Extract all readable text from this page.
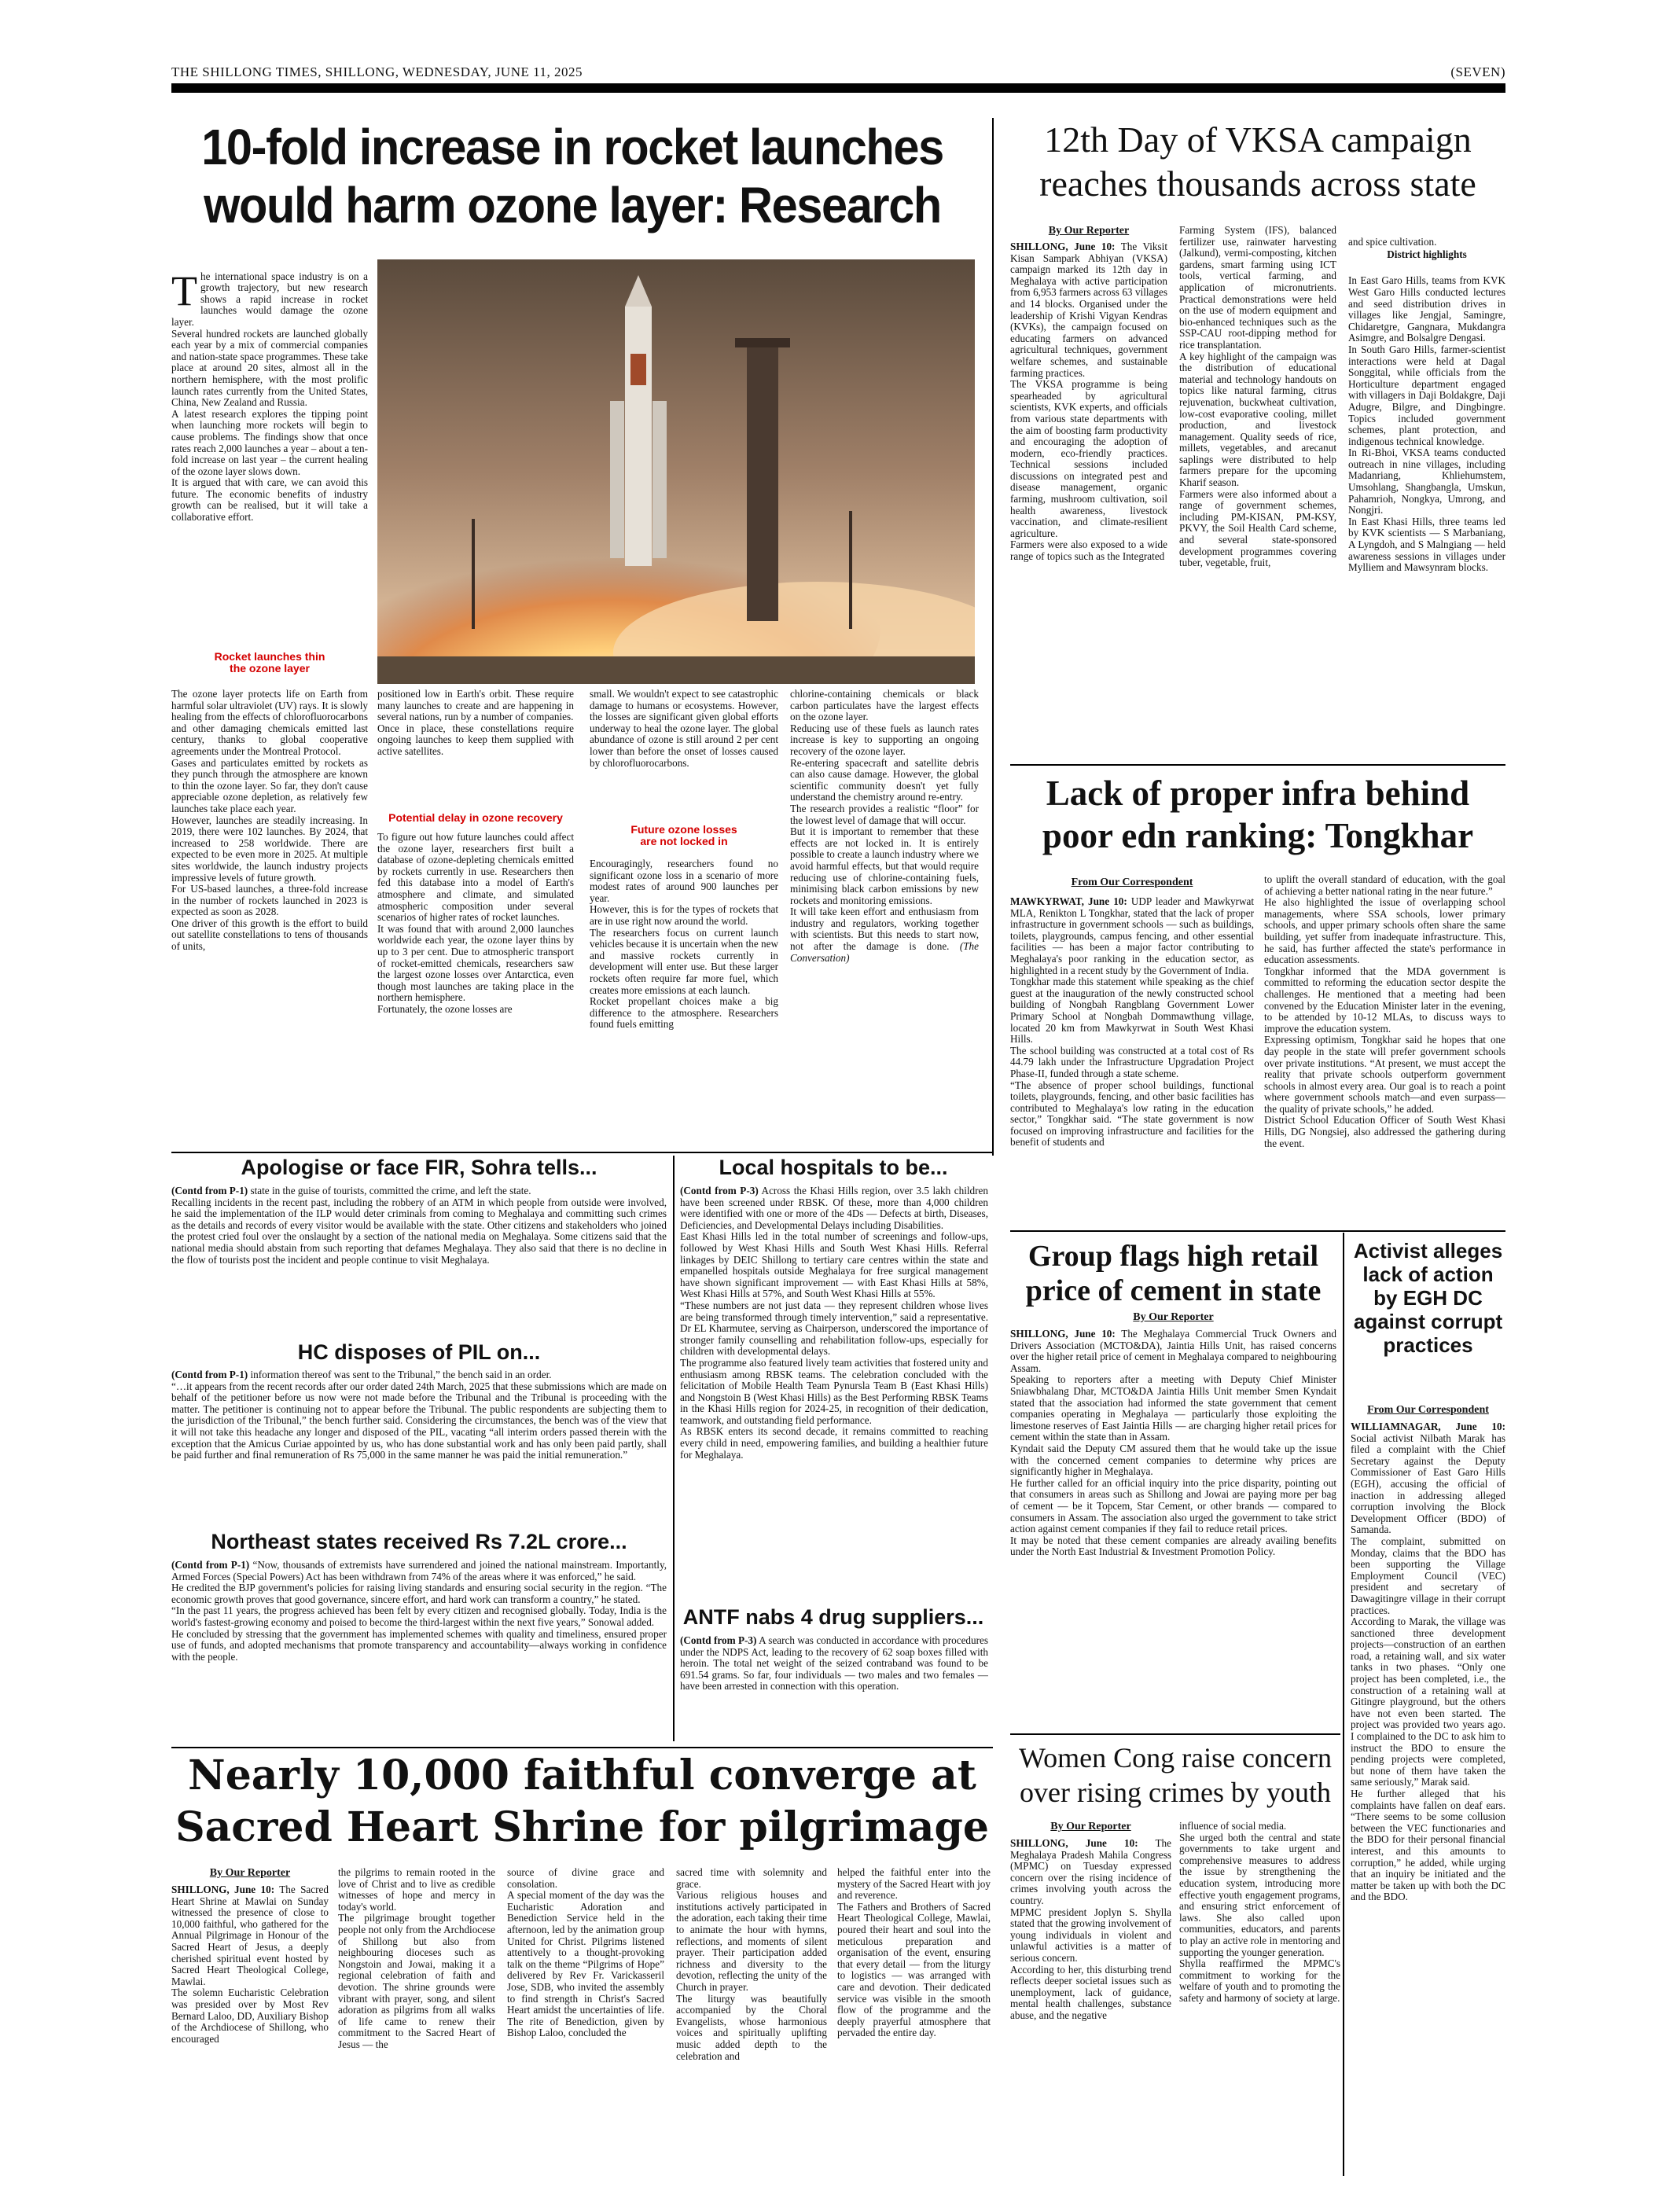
THE SHILLONG TIMES, SHILLONG, WEDNESDAY, JUNE 11, 2025	(SEVEN)
10-fold increase in rocket launches
would harm ozone layer: Research

The international space industry is on a growth trajectory, but new research shows a rapid increase in rocket launches would damage the ozone layer.
Several hundred rockets are launched globally each year by a mix of commercial companies and nation-state space programmes. These take place at around 20 sites, almost all in the northern hemisphere, with the most prolific launch rates currently from the United States, China, New Zealand and Russia.
A latest research explores the tipping point when launching more rockets will begin to cause problems. The findings show that once rates reach 2,000 launches a year – about a ten-fold increase on last year – the current healing of the ozone layer slows down.
It is argued that with care, we can avoid this future. The economic benefits of industry growth can be realised, but it will take a collaborative effort.

Rocket launches thin
the ozone layer
The ozone layer protects life on Earth from harmful solar ultraviolet (UV) rays. It is slowly healing from the effects of chlorofluorocarbons and other damaging chemicals emitted last century, thanks to global cooperative agreements under the Montreal Protocol.
Gases and particulates emitted by rockets as they punch through the atmosphere are known to thin the ozone layer. So far, they don't cause appreciable ozone depletion, as relatively few launches take place each year.
However, launches are steadily increasing. In 2019, there were 102 launches. By 2024, that increased to 258 worldwide. There are expected to be even more in 2025. At multiple sites worldwide, the launch industry projects impressive levels of future growth.
For US-based launches, a three-fold increase in the number of rockets launched in 2023 is expected as soon as 2028.
One driver of this growth is the effort to build out satellite constellations to tens of thousands of units,
positioned low in Earth's orbit. These require many launches to create and are happening in several nations, run by a number of companies.
Once in place, these constellations require ongoing launches to keep them supplied with active satellites.
Potential delay in ozone recovery
To figure out how future launches could affect the ozone layer, researchers first built a database of ozone-depleting chemicals emitted by rockets currently in use. Researchers then fed this database into a model of Earth's atmosphere and climate, and simulated atmospheric composition under several scenarios of higher rates of rocket launches.
It was found that with around 2,000 launches worldwide each year, the ozone layer thins by up to 3 per cent. Due to atmospheric transport of rocket-emitted chemicals, researchers saw the largest ozone losses over Antarctica, even though most launches are taking place in the northern hemisphere.
Fortunately, the ozone losses are
small. We wouldn't expect to see catastrophic damage to humans or ecosystems. However, the losses are significant given global efforts underway to heal the ozone layer. The global abundance of ozone is still around 2 per cent lower than before the onset of losses caused by chlorofluorocarbons.
Future ozone losses
are not locked in
Encouragingly, researchers found no significant ozone loss in a scenario of more modest rates of around 900 launches per year.
However, this is for the types of rockets that are in use right now around the world.
The researchers focus on current launch vehicles because it is uncertain when the new and massive rockets currently in development will enter use. But these larger rockets often require far more fuel, which creates more emissions at each launch.
Rocket propellant choices make a big difference to the atmosphere. Researchers found fuels emitting
chlorine-containing chemicals or black carbon particulates have the largest effects on the ozone layer.
Reducing use of these fuels as launch rates increase is key to supporting an ongoing recovery of the ozone layer.
Re-entering spacecraft and satellite debris can also cause damage. However, the global scientific community doesn't yet fully understand the chemistry around re-entry.
The research provides a realistic “floor” for the lowest level of damage that will occur.
But it is important to remember that these effects are not locked in. It is entirely possible to create a launch industry where we avoid harmful effects, but that would require reducing use of chlorine-containing fuels, minimising black carbon emissions by new rockets and monitoring emissions.
It will take keen effort and enthusiasm from industry and regulators, working together with scientists. But this needs to start now, not after the damage is done. (The Conversation)
12th Day of VKSA campaign reaches thousands across state
By Our Reporter
SHILLONG, June 10: The Viksit Kisan Sampark Abhiyan (VKSA) campaign marked its 12th day in Meghalaya with active participation from 6,953 farmers across 63 villages and 14 blocks. Organised under the leadership of Krishi Vigyan Kendras (KVKs), the campaign focused on educating farmers on advanced agricultural techniques, government welfare schemes, and sustainable farming practices.
The VKSA programme is being spearheaded by agricultural scientists, KVK experts, and officials from various state departments with the aim of boosting farm productivity and encouraging the adoption of modern, eco-friendly practices. Technical sessions included discussions on integrated pest and disease management, organic farming, mushroom cultivation, soil health awareness, livestock vaccination, and climate-resilient agriculture.
Farmers were also exposed to a wide range of topics such as the Integrated
Farming System (IFS), balanced fertilizer use, rainwater harvesting (Jalkund), vermi-composting, kitchen gardens, smart farming using ICT tools, vertical farming, and application of micronutrients. Practical demonstrations were held on the use of modern equipment and bio-enhanced techniques such as the SSP-CAU root-dipping method for rice transplantation.
A key highlight of the campaign was the distribution of educational material and technology handouts on topics like natural farming, citrus rejuvenation, buckwheat cultivation, low-cost evaporative cooling, millet production, and livestock management. Quality seeds of rice, millets, vegetables, and arecanut saplings were distributed to help farmers prepare for the upcoming Kharif season.
Farmers were also informed about a range of government schemes, including PM-KISAN, PM-KSY, PKVY, the Soil Health Card scheme, and several state-sponsored development programmes covering tuber, vegetable, fruit,

and spice cultivation.

District highlights

In East Garo Hills, teams from KVK West Garo Hills conducted lectures and seed distribution drives in villages like Jengjal, Samingre, Chidaretgre, Gangnara, Mukdangra Asimgre, and Bolsalgre Dengasi.
In South Garo Hills, farmer-scientist interactions were held at Dagal Songgital, while officials from the Horticulture department engaged with villagers in Daji Boldakgre, Daji Adugre, Bilgre, and Dingbingre. Topics included government schemes, plant protection, and indigenous technical knowledge.
In Ri-Bhoi, VKSA teams conducted outreach in nine villages, including Madanriang, Khliehumstem, Umsohlang, Shangbangla, Umskun, Pahamrioh, Nongkya, Umrong, and Nongjri.
In East Khasi Hills, three teams led by KVK scientists — S Marbaniang, A Lyngdoh, and S Malngiang — held awareness sessions in villages under Mylliem and Mawsynram blocks.

Lack of proper infra behind poor edn ranking: Tongkhar
From Our Correspondent
MAWKYRWAT, June 10: UDP leader and Mawkyrwat MLA, Renikton L Tongkhar, stated that the lack of proper infrastructure in government schools — such as buildings, toilets, playgrounds, campus fencing, and other essential facilities — has been a major factor contributing to Meghalaya's poor ranking in the education sector, as highlighted in a recent study by the Government of India.
Tongkhar made this statement while speaking as the chief guest at the inauguration of the newly constructed school building of Nongbah Rangblang Government Lower Primary School at Nongbah Dommawthung village, located 20 km from Mawkyrwat in South West Khasi Hills.
The school building was constructed at a total cost of Rs 44.79 lakh under the Infrastructure Upgradation Project Phase-II, funded through a state scheme.
“The absence of proper school buildings, functional toilets, playgrounds, fencing, and other basic facilities has contributed to Meghalaya's low rating in the education sector,” Tongkhar said. “The state government is now focused on improving infrastructure and facilities for the benefit of students and
to uplift the overall standard of education, with the goal of achieving a better national rating in the near future.”
He also highlighted the issue of overlapping school managements, where SSA schools, lower primary schools, and upper primary schools often share the same building, yet suffer from inadequate infrastructure. This, he said, has further affected the state's performance in education assessments.
Tongkhar informed that the MDA government is committed to reforming the education sector despite the challenges. He mentioned that a meeting had been convened by the Education Minister later in the evening, to be attended by 10-12 MLAs, to discuss ways to improve the education system.
Expressing optimism, Tongkhar said he hopes that one day people in the state will prefer government schools over private institutions. “At present, we must accept the reality that private schools outperform government schools in almost every area. Our goal is to reach a point where government schools match—and even surpass—the quality of private schools,” he added.
District School Education Officer of South West Khasi Hills, DG Nongsiej, also addressed the gathering during the event.
Apologise or face FIR, Sohra tells...
(Contd from P-1) state in the guise of tourists, committed the crime, and left the state.
Recalling incidents in the recent past, including the robbery of an ATM in which people from outside were involved, he said the implementation of the ILP would deter criminals from coming to Meghalaya and committing such crimes as the details and records of every visitor would be available with the state. Other citizens and stakeholders who joined the protest cried foul over the onslaught by a section of the national media on Meghalaya. Some citizens said that the national media should abstain from such reporting that defames Meghalaya. They also said that there is no decline in the flow of tourists post the incident and people continue to visit Meghalaya.
HC disposes of PIL on...
(Contd from P-1) information thereof was sent to the Tribunal,” the bench said in an order.
“…it appears from the recent records after our order dated 24th March, 2025 that these submissions which are made on behalf of the petitioner before us now were not made before the Tribunal and the Tribunal is proceeding with the matter. The petitioner is continuing not to appear before the Tribunal. The public respondents are subjecting them to the jurisdiction of the Tribunal,” the bench further said. Considering the circumstances, the bench was of the view that it will not take this headache any longer and disposed of the PIL, vacating “all interim orders passed therein with the exception that the Amicus Curiae appointed by us, who has done substantial work and has only been paid partly, shall be paid further and final remuneration of Rs 75,000 in the same manner he was paid the initial remuneration.”
Northeast states received Rs 7.2L crore...
(Contd from P-1) “Now, thousands of extremists have surrendered and joined the national mainstream. Importantly, Armed Forces (Special Powers) Act has been withdrawn from 74% of the areas where it was enforced,” he said.
He credited the BJP government's policies for raising living standards and ensuring social security in the region. “The economic growth proves that good governance, sincere effort, and hard work can transform a country,” he stated.
“In the past 11 years, the progress achieved has been felt by every citizen and recognised globally. Today, India is the world's fastest-growing economy and poised to become the third-largest within the next five years,” Sonowal added.
He concluded by stressing that the government has implemented schemes with quality and timeliness, ensured proper use of funds, and adopted mechanisms that promote transparency and accountability—always working in confidence with the people.
Local hospitals to be...
(Contd from P-3) Across the Khasi Hills region, over 3.5 lakh children have been screened under RBSK. Of these, more than 4,000 children were identified with one or more of the 4Ds — Defects at birth, Diseases, Deficiencies, and Developmental Delays including Disabilities.
East Khasi Hills led in the total number of screenings and follow-ups, followed by West Khasi Hills and South West Khasi Hills. Referral linkages by DEIC Shillong to tertiary care centres within the state and empanelled hospitals outside Meghalaya for free surgical management have shown significant improvement — with East Khasi Hills at 58%, West Khasi Hills at 57%, and South West Khasi Hills at 55%.
“These numbers are not just data — they represent children whose lives are being transformed through timely intervention,” said a representative. Dr EL Kharmutee, serving as Chairperson, underscored the importance of stronger family counselling and rehabilitation follow-ups, especially for children with developmental delays.
The programme also featured lively team activities that fostered unity and enthusiasm among RBSK teams. The celebration concluded with the felicitation of Mobile Health Team Pynursla Team B (East Khasi Hills) and Nongstoin B (West Khasi Hills) as the Best Performing RBSK Teams in the Khasi Hills region for 2024-25, in recognition of their dedication, teamwork, and outstanding field performance.
As RBSK enters its second decade, it remains committed to reaching every child in need, empowering families, and building a healthier future for Meghalaya.
ANTF nabs 4 drug suppliers...
(Contd from P-3) A search was conducted in accordance with procedures under the NDPS Act, leading to the recovery of 62 soap boxes filled with heroin. The total net weight of the seized contraband was found to be 691.54 grams. So far, four individuals — two males and two females — have been arrested in connection with this operation.
Group flags high retail price of cement in state
By Our Reporter
SHILLONG, June 10: The Meghalaya Commercial Truck Owners and Drivers Association (MCTO&DA), Jaintia Hills Unit, has raised concerns over the higher retail price of cement in Meghalaya compared to neighbouring Assam.
Speaking to reporters after a meeting with Deputy Chief Minister Sniawbhalang Dhar, MCTO&DA Jaintia Hills Unit member Smen Kyndait stated that the association had informed the state government that cement companies operating in Meghalaya — particularly those exploiting the limestone reserves of East Jaintia Hills — are charging higher retail prices for cement within the state than in Assam.
Kyndait said the Deputy CM assured them that he would take up the issue with the concerned cement companies to determine why prices are significantly higher in Meghalaya.
He further called for an official inquiry into the price disparity, pointing out that consumers in areas such as Shillong and Jowai are paying more per bag of cement — be it Topcem, Star Cement, or other brands — compared to consumers in Assam. The association also urged the government to take strict action against cement companies if they fail to reduce retail prices.
It may be noted that these cement companies are already availing benefits under the North East Industrial & Investment Promotion Policy.
Activist alleges lack of action by EGH DC against corrupt practices
From Our Correspondent
WILLIAMNAGAR, June 10: Social activist Nilbath Marak has filed a complaint with the Chief Secretary against the Deputy Commissioner of East Garo Hills (EGH), accusing the official of inaction in addressing alleged corruption involving the Block Development Officer (BDO) of Samanda.
The complaint, submitted on Monday, claims that the BDO has been supporting the Village Employment Council (VEC) president and secretary of Dawagitingre village in their corrupt practices.
According to Marak, the village was sanctioned three development projects—construction of an earthen road, a retaining wall, and six water tanks in two phases. “Only one project has been completed, i.e., the construction of a retaining wall at Gitingre playground, but the others have not even been started. The project was provided two years ago. I complained to the DC to ask him to instruct the BDO to ensure the pending projects were completed, but none of them have taken the same seriously,” Marak said.
He further alleged that his complaints have fallen on deaf ears. “There seems to be some collusion between the VEC functionaries and the BDO for their personal financial interest, and this amounts to corruption,” he added, while urging that an inquiry be initiated and the matter be taken up with both the DC and the BDO.
Nearly 10,000 faithful converge at
Sacred Heart Shrine for pilgrimage
By Our Reporter
SHILLONG, June 10: The Sacred Heart Shrine at Mawlai on Sunday witnessed the presence of close to 10,000 faithful, who gathered for the Annual Pilgrimage in Honour of the Sacred Heart of Jesus, a deeply cherished spiritual event hosted by Sacred Heart Theological College, Mawlai.
The solemn Eucharistic Celebration was presided over by Most Rev Bernard Laloo, DD, Auxiliary Bishop of the Archdiocese of Shillong, who encouraged
the pilgrims to remain rooted in the love of Christ and to live as credible witnesses of hope and mercy in today's world.
The pilgrimage brought together people not only from the Archdiocese of Shillong but also from neighbouring dioceses such as Nongstoin and Jowai, making it a regional celebration of faith and devotion. The shrine grounds were vibrant with prayer, song, and silent adoration as pilgrims from all walks of life came to renew their commitment to the Sacred Heart of Jesus — the
source of divine grace and consolation.
A special moment of the day was the Eucharistic Adoration and Benediction Service held in the afternoon, led by the animation group United for Christ. Pilgrims listened attentively to a thought-provoking talk on the theme “Pilgrims of Hope” delivered by Rev Fr. Varickasseril Jose, SDB, who invited the assembly to find strength in Christ's Sacred Heart amidst the uncertainties of life. The rite of Benediction, given by Bishop Laloo, concluded the
sacred time with solemnity and grace.
Various religious houses and institutions actively participated in the adoration, each taking their time to animate the hour with hymns, reflections, and moments of silent prayer. Their participation added richness and diversity to the devotion, reflecting the unity of the Church in prayer.
The liturgy was beautifully accompanied by the Choral Evangelists, whose harmonious voices and spiritually uplifting music added depth to the celebration and
helped the faithful enter into the mystery of the Sacred Heart with joy and reverence.
The Fathers and Brothers of Sacred Heart Theological College, Mawlai, poured their heart and soul into the meticulous preparation and organisation of the event, ensuring that every detail — from the liturgy to logistics — was arranged with care and devotion. Their dedicated service was visible in the smooth flow of the programme and the deeply prayerful atmosphere that pervaded the entire day.
Women Cong raise concern over rising crimes by youth
By Our Reporter
SHILLONG, June 10: The Meghalaya Pradesh Mahila Congress (MPMC) on Tuesday expressed concern over the rising incidence of crimes involving youth across the country.
MPMC president Joplyn S. Shylla stated that the growing involvement of young individuals in violent and unlawful activities is a matter of serious concern.
According to her, this disturbing trend reflects deeper societal issues such as unemployment, lack of guidance, mental health challenges, substance abuse, and the negative
influence of social media.
She urged both the central and state governments to take urgent and comprehensive measures to address the issue by strengthening the education system, introducing more effective youth engagement programs, and ensuring strict enforcement of laws. She also called upon communities, educators, and parents to play an active role in mentoring and supporting the younger generation.
Shylla reaffirmed the MPMC's commitment to working for the welfare of youth and to promoting the safety and harmony of society at large.
